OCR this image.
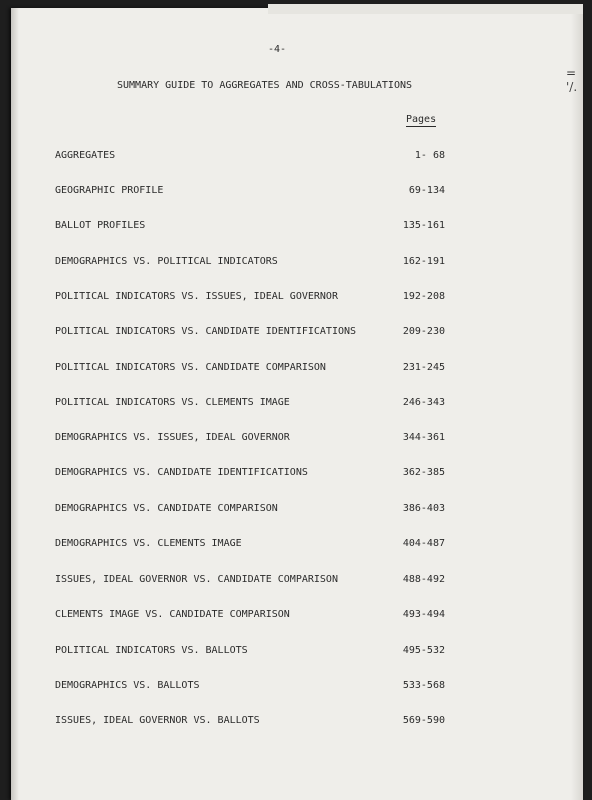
-4-
SUMMARY GUIDE TO AGGREGATES AND CROSS-TABULATIONS
Pages
AGGREGATES	1- 68
GEOGRAPHIC PROFILE	69-134
BALLOT PROFILES	135-161
DEMOGRAPHICS VS. POLITICAL INDICATORS	162-191
POLITICAL INDICATORS VS. ISSUES, IDEAL GOVERNOR	192-208
POLITICAL INDICATORS VS. CANDIDATE IDENTIFICATIONS	209-230
POLITICAL INDICATORS VS. CANDIDATE COMPARISON	231-245
POLITICAL INDICATORS VS. CLEMENTS IMAGE	246-343
DEMOGRAPHICS VS. ISSUES, IDEAL GOVERNOR	344-361
DEMOGRAPHICS VS. CANDIDATE IDENTIFICATIONS	362-385
DEMOGRAPHICS VS. CANDIDATE COMPARISON	386-403
DEMOGRAPHICS VS. CLEMENTS IMAGE	404-487
ISSUES, IDEAL GOVERNOR VS. CANDIDATE COMPARISON	488-492
CLEMENTS IMAGE VS. CANDIDATE COMPARISON	493-494
POLITICAL INDICATORS VS. BALLOTS	495-532
DEMOGRAPHICS VS. BALLOTS	533-568
ISSUES, IDEAL GOVERNOR VS. BALLOTS	569-590
=
'/.
